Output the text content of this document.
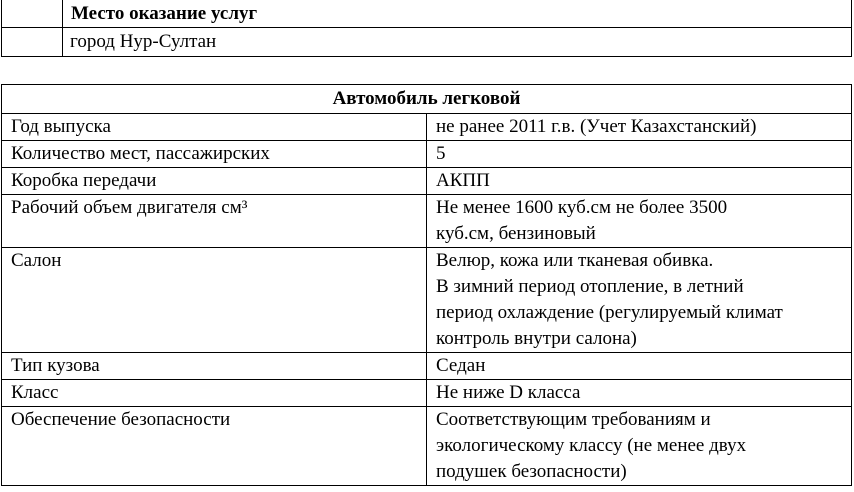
	Место оказание услуг
	город Нур-Султан
Автомобиль легковой	
Год выпуска	не ранее 2011 г.в. (Учет Казахстанский)

Количество мест, пассажирских	5

Коробка передачи	АКПП

Рабочий объем двигателя см³	Не менее 1600 куб.см не более 3500
куб.см, бензиновый

Салон	Велюр, кожа или тканевая обивка.
В зимний период отопление, в летний
период охлаждение (регулируемый климат
контроль внутри салона)

Тип кузова	Седан

Класс	Не ниже D класса

Обеспечение безопасности	Соответствующим требованиям и
экологическому классу (не менее двух
подушек безопасности)
